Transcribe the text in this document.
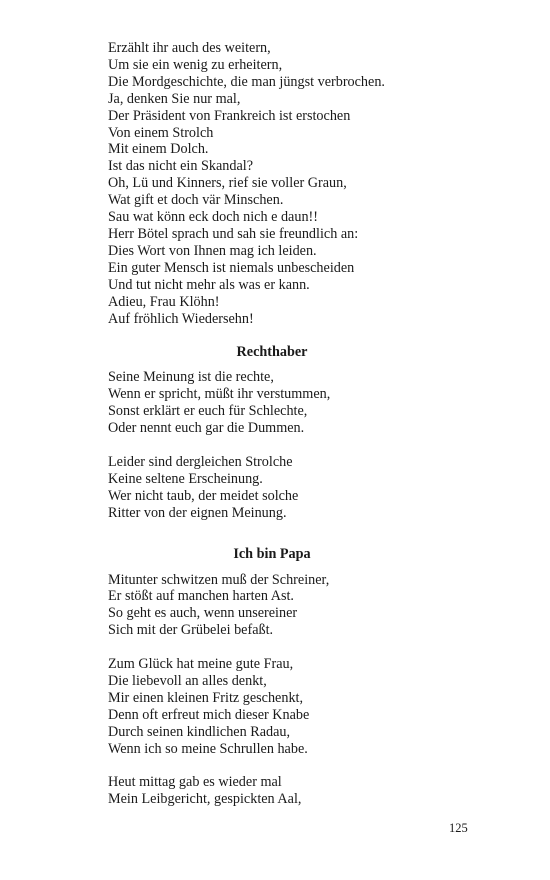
Erzählt ihr auch des weitern,
Um sie ein wenig zu erheitern,
Die Mordgeschichte, die man jüngst verbrochen.
Ja, denken Sie nur mal,
Der Präsident von Frankreich ist erstochen
Von einem Strolch
Mit einem Dolch.
Ist das nicht ein Skandal?
Oh, Lü und Kinners, rief sie voller Graun,
Wat gift et doch vär Minschen.
Sau wat könn eck doch nich e daun!!
Herr Bötel sprach und sah sie freundlich an:
Dies Wort von Ihnen mag ich leiden.
Ein guter Mensch ist niemals unbescheiden
Und tut nicht mehr als was er kann.
Adieu, Frau Klöhn!
Auf fröhlich Wiedersehn!
Rechthaber
Seine Meinung ist die rechte,
Wenn er spricht, müßt ihr verstummen,
Sonst erklärt er euch für Schlechte,
Oder nennt euch gar die Dummen.
Leider sind dergleichen Strolche
Keine seltene Erscheinung.
Wer nicht taub, der meidet solche
Ritter von der eignen Meinung.
Ich bin Papa
Mitunter schwitzen muß der Schreiner,
Er stößt auf manchen harten Ast.
So geht es auch, wenn unsereiner
Sich mit der Grübelei befaßt.
Zum Glück hat meine gute Frau,
Die liebevoll an alles denkt,
Mir einen kleinen Fritz geschenkt,
Denn oft erfreut mich dieser Knabe
Durch seinen kindlichen Radau,
Wenn ich so meine Schrullen habe.
Heut mittag gab es wieder mal
Mein Leibgericht, gespickten Aal,
125
